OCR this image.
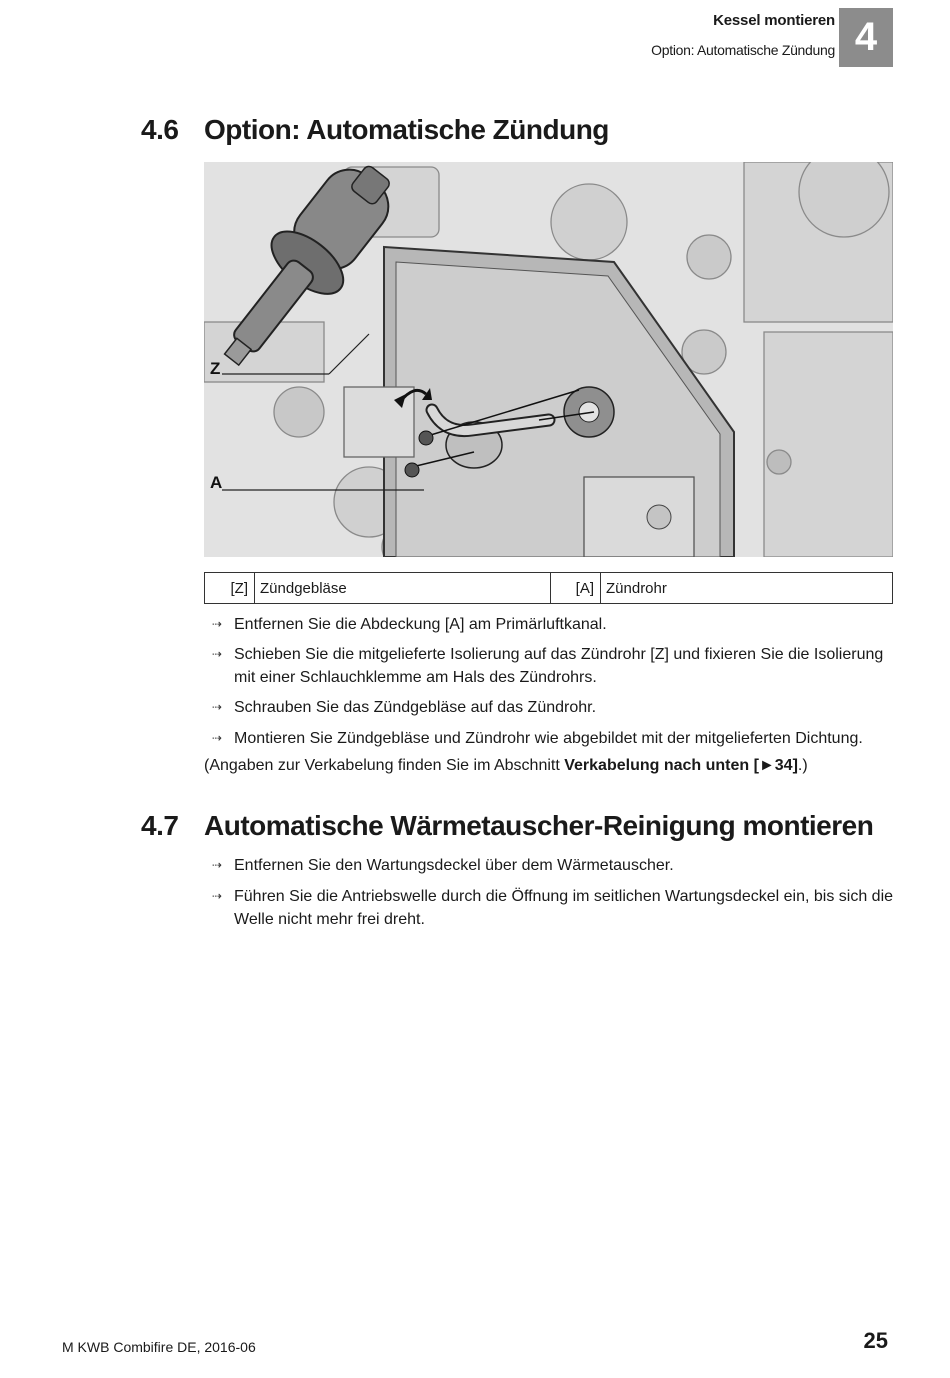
Kessel montieren
Option: Automatische Zündung 4
4.6 Option: Automatische Zündung
Z
A
[Z] Zündgebläse	[A] Zündrohr
⇢ Entfernen Sie die Abdeckung [A] am Primärluftkanal.
⇢ Schieben Sie die mitgelieferte Isolierung auf das Zündrohr [Z] und fixieren Sie die Isolierung mit einer Schlauchklemme am Hals des Zündrohrs.
⇢ Schrauben Sie das Zündgebläse auf das Zündrohr.
⇢ Montieren Sie Zündgebläse und Zündrohr wie abgebildet mit der mitgelieferten Dichtung.
(Angaben zur Verkabelung finden Sie im Abschnitt Verkabelung nach unten [►34].)
4.7 Automatische Wärmetauscher-Reinigung montieren
⇢ Entfernen Sie den Wartungsdeckel über dem Wärmetauscher.
⇢ Führen Sie die Antriebswelle durch die Öffnung im seitlichen Wartungsdeckel ein, bis sich die Welle nicht mehr frei dreht.
M KWB Combifire DE, 2016-06	25
